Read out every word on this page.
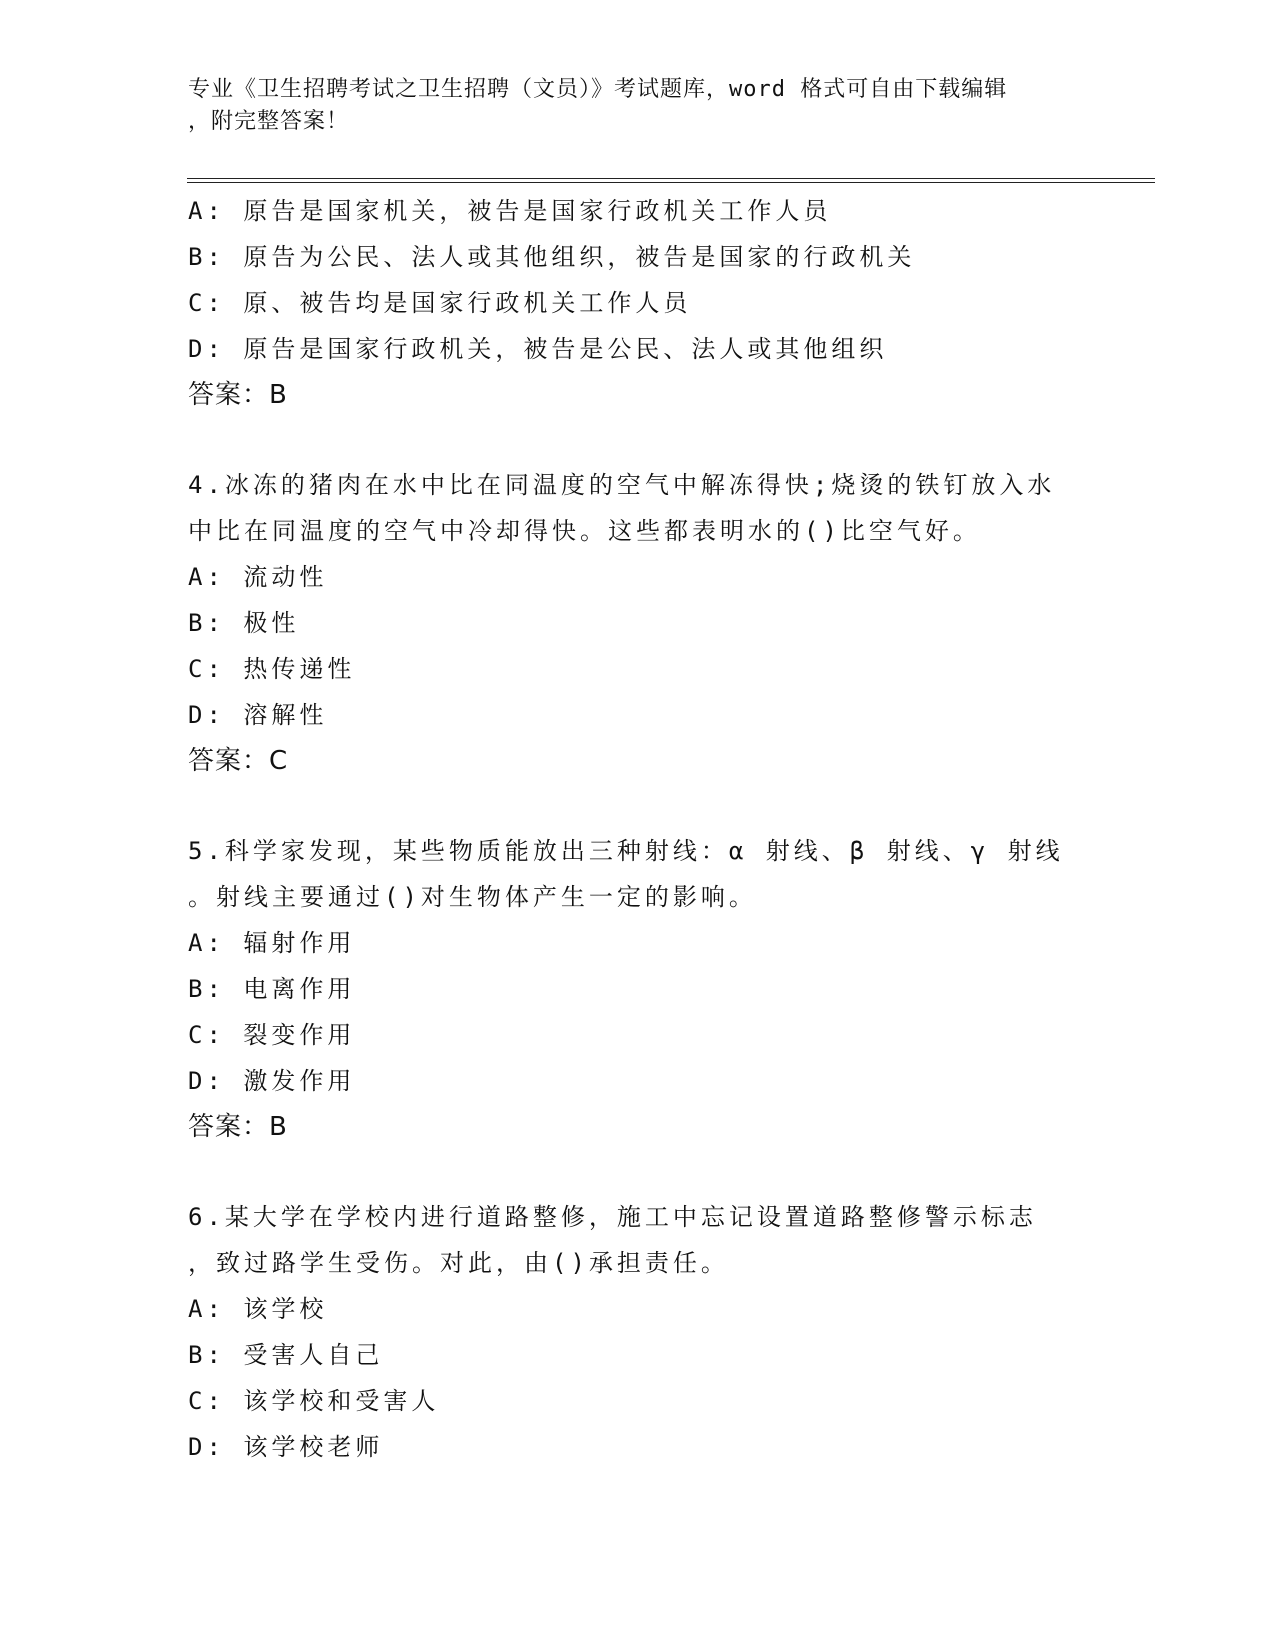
专业《卫生招聘考试之卫生招聘（文员）》考试题库，word 格式可自由下载编辑
，附完整答案！

A: 原告是国家机关，被告是国家行政机关工作人员

B: 原告为公民、法人或其他组织，被告是国家的行政机关

C: 原、被告均是国家行政机关工作人员

D: 原告是国家行政机关，被告是公民、法人或其他组织

答案：B

4.冰冻的猪肉在水中比在同温度的空气中解冻得快;烧烫的铁钉放入水

中比在同温度的空气中冷却得快。这些都表明水的()比空气好。

A: 流动性

B: 极性

C: 热传递性

D: 溶解性

答案：C

5.科学家发现，某些物质能放出三种射线：α 射线、β 射线、γ 射线

。射线主要通过()对生物体产生一定的影响。

A: 辐射作用

B: 电离作用

C: 裂变作用

D: 激发作用

答案：B

6.某大学在学校内进行道路整修，施工中忘记设置道路整修警示标志

，致过路学生受伤。对此，由()承担责任。

A: 该学校

B: 受害人自己

C: 该学校和受害人

D: 该学校老师
